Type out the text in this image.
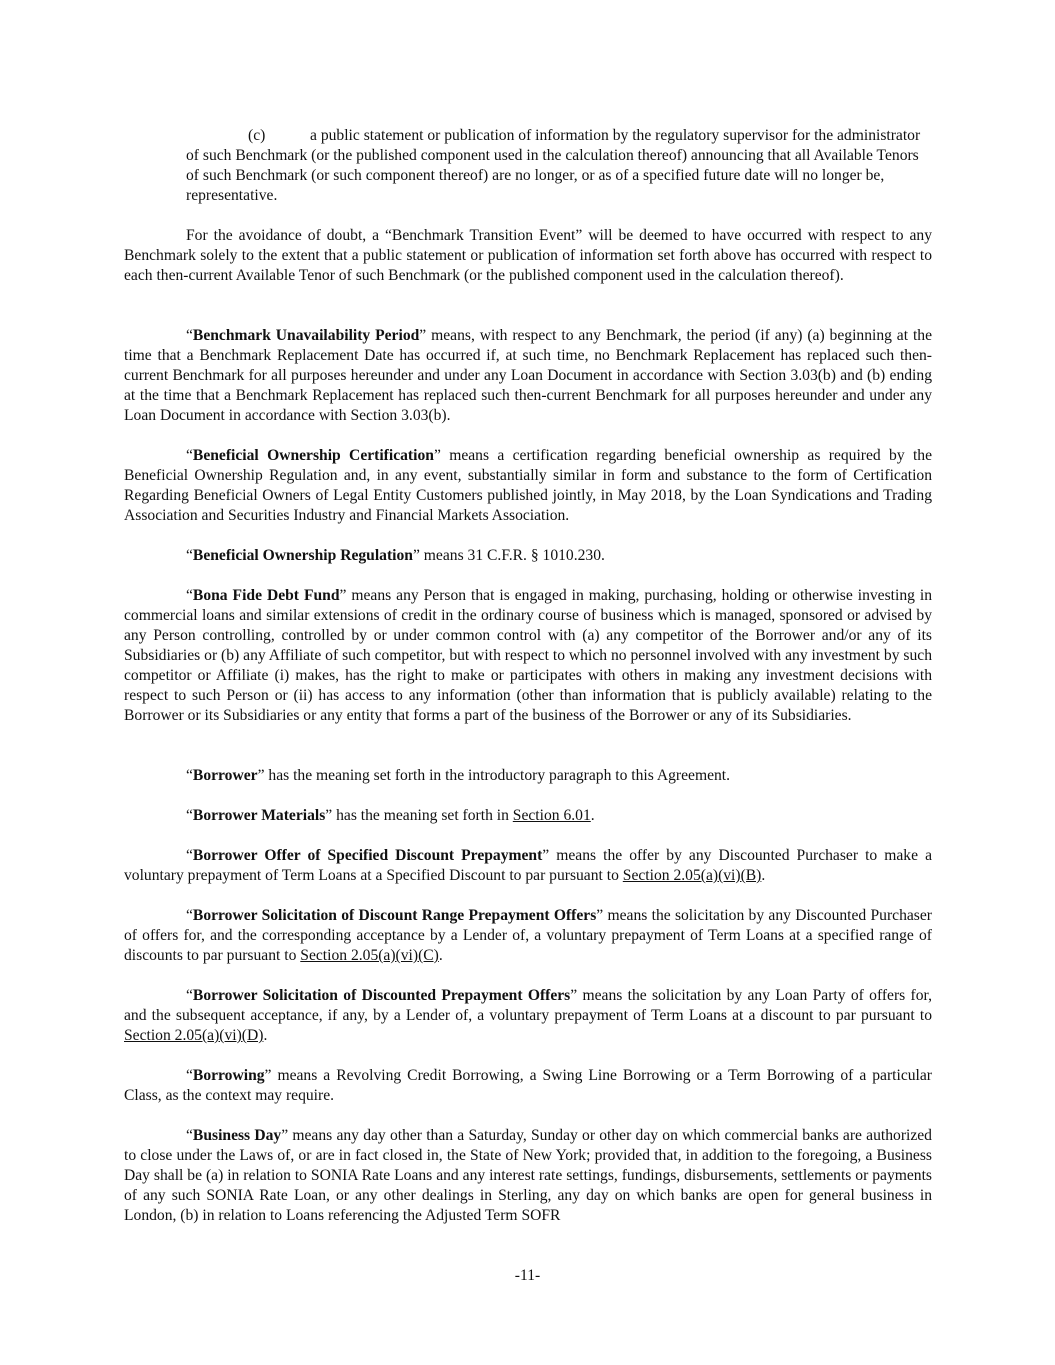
(c)	a public statement or publication of information by the regulatory supervisor for the administrator of such Benchmark (or the published component used in the calculation thereof) announcing that all Available Tenors of such Benchmark (or such component thereof) are no longer, or as of a specified future date will no longer be, representative.

For the avoidance of doubt, a “Benchmark Transition Event” will be deemed to have occurred with respect to any Benchmark solely to the extent that a public statement or publication of information set forth above has occurred with respect to each then-current Available Tenor of such Benchmark (or the published component used in the calculation thereof).

“Benchmark Unavailability Period” means, with respect to any Benchmark, the period (if any) (a) beginning at the time that a Benchmark Replacement Date has occurred if, at such time, no Benchmark Replacement has replaced such then-current Benchmark for all purposes hereunder and under any Loan Document in accordance with Section 3.03(b) and (b) ending at the time that a Benchmark Replacement has replaced such then-current Benchmark for all purposes hereunder and under any Loan Document in accordance with Section 3.03(b).

“Beneficial Ownership Certification” means a certification regarding beneficial ownership as required by the Beneficial Ownership Regulation and, in any event, substantially similar in form and substance to the form of Certification Regarding Beneficial Owners of Legal Entity Customers published jointly, in May 2018, by the Loan Syndications and Trading Association and Securities Industry and Financial Markets Association.

“Beneficial Ownership Regulation” means 31 C.F.R. § 1010.230.

“Bona Fide Debt Fund” means any Person that is engaged in making, purchasing, holding or otherwise investing in commercial loans and similar extensions of credit in the ordinary course of business which is managed, sponsored or advised by any Person controlling, controlled by or under common control with (a) any competitor of the Borrower and/or any of its Subsidiaries or (b) any Affiliate of such competitor, but with respect to which no personnel involved with any investment by such competitor or Affiliate (i) makes, has the right to make or participates with others in making any investment decisions with respect to such Person or (ii) has access to any information (other than information that is publicly available) relating to the Borrower or its Subsidiaries or any entity that forms a part of the business of the Borrower or any of its Subsidiaries.

“Borrower” has the meaning set forth in the introductory paragraph to this Agreement.

“Borrower Materials” has the meaning set forth in Section 6.01.

“Borrower Offer of Specified Discount Prepayment” means the offer by any Discounted Purchaser to make a voluntary prepayment of Term Loans at a Specified Discount to par pursuant to Section 2.05(a)(vi)(B).

“Borrower Solicitation of Discount Range Prepayment Offers” means the solicitation by any Discounted Purchaser of offers for, and the corresponding acceptance by a Lender of, a voluntary prepayment of Term Loans at a specified range of discounts to par pursuant to Section 2.05(a)(vi)(C).

“Borrower Solicitation of Discounted Prepayment Offers” means the solicitation by any Loan Party of offers for, and the subsequent acceptance, if any, by a Lender of, a voluntary prepayment of Term Loans at a discount to par pursuant to Section 2.05(a)(vi)(D).

“Borrowing” means a Revolving Credit Borrowing, a Swing Line Borrowing or a Term Borrowing of a particular Class, as the context may require.

“Business Day” means any day other than a Saturday, Sunday or other day on which commercial banks are authorized to close under the Laws of, or are in fact closed in, the State of New York; provided that, in addition to the foregoing, a Business Day shall be (a) in relation to SONIA Rate Loans and any interest rate settings, fundings, disbursements, settlements or payments of any such SONIA Rate Loan, or any other dealings in Sterling, any day on which banks are open for general business in London, (b) in relation to Loans referencing the Adjusted Term SOFR

-11-
